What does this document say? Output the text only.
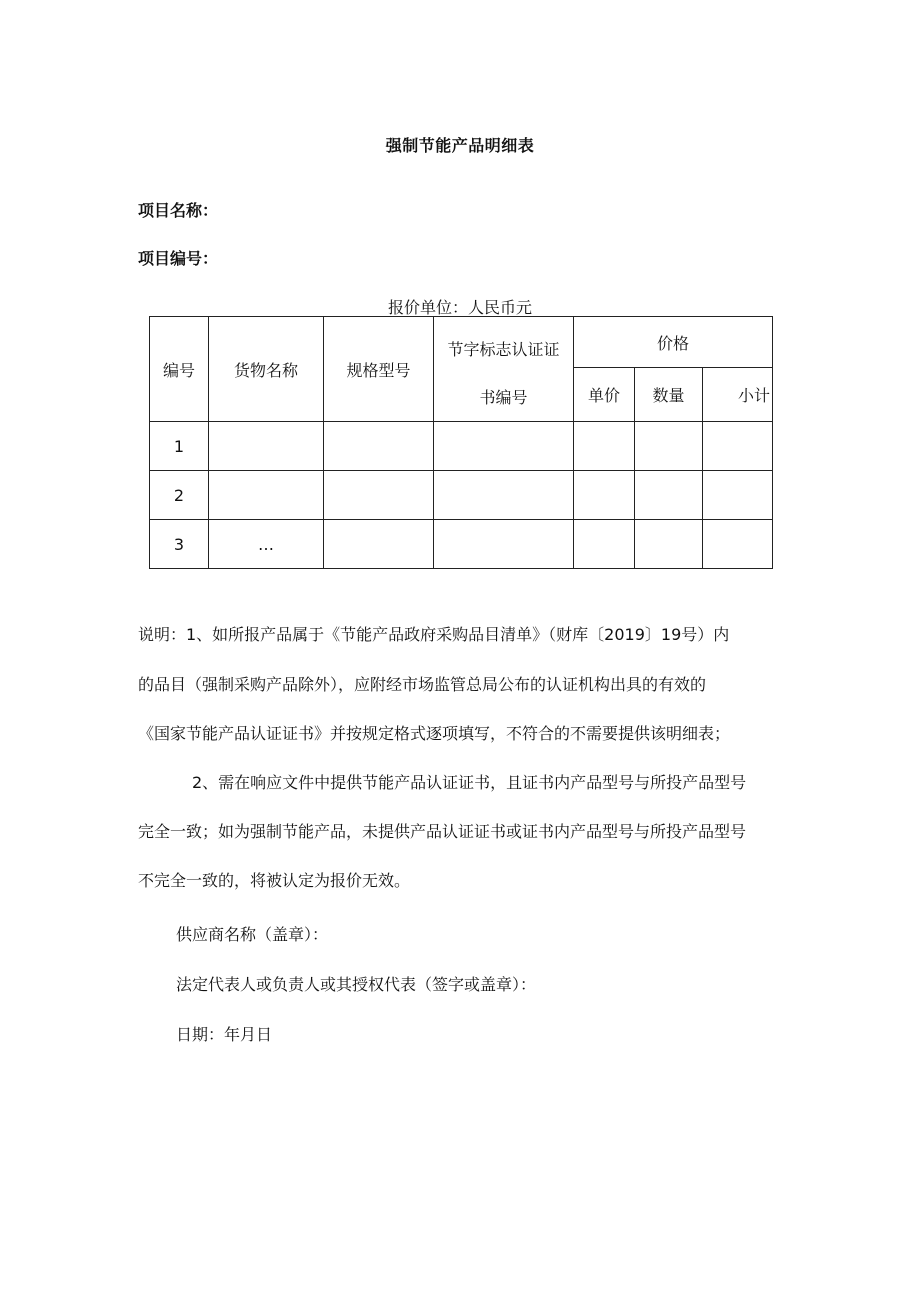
强制节能产品明细表
项目名称：
项目编号：
报价单位：人民币元
编号	货物名称	规格型号	节字标志认证证
书编号	价格		
				单价	数量	小计
1						
2						
3	…					
说明：1、如所报产品属于《节能产品政府采购品目清单》（财库〔2019〕19号）内
的品目（强制采购产品除外），应附经市场监管总局公布的认证机构出具的有效的
《国家节能产品认证证书》并按规定格式逐项填写，不符合的不需要提供该明细表；
2、需在响应文件中提供节能产品认证证书，且证书内产品型号与所投产品型号
完全一致；如为强制节能产品，未提供产品认证证书或证书内产品型号与所投产品型号
不完全一致的，将被认定为报价无效。
供应商名称（盖章）：
法定代表人或负责人或其授权代表（签字或盖章）：
日期：年月日
